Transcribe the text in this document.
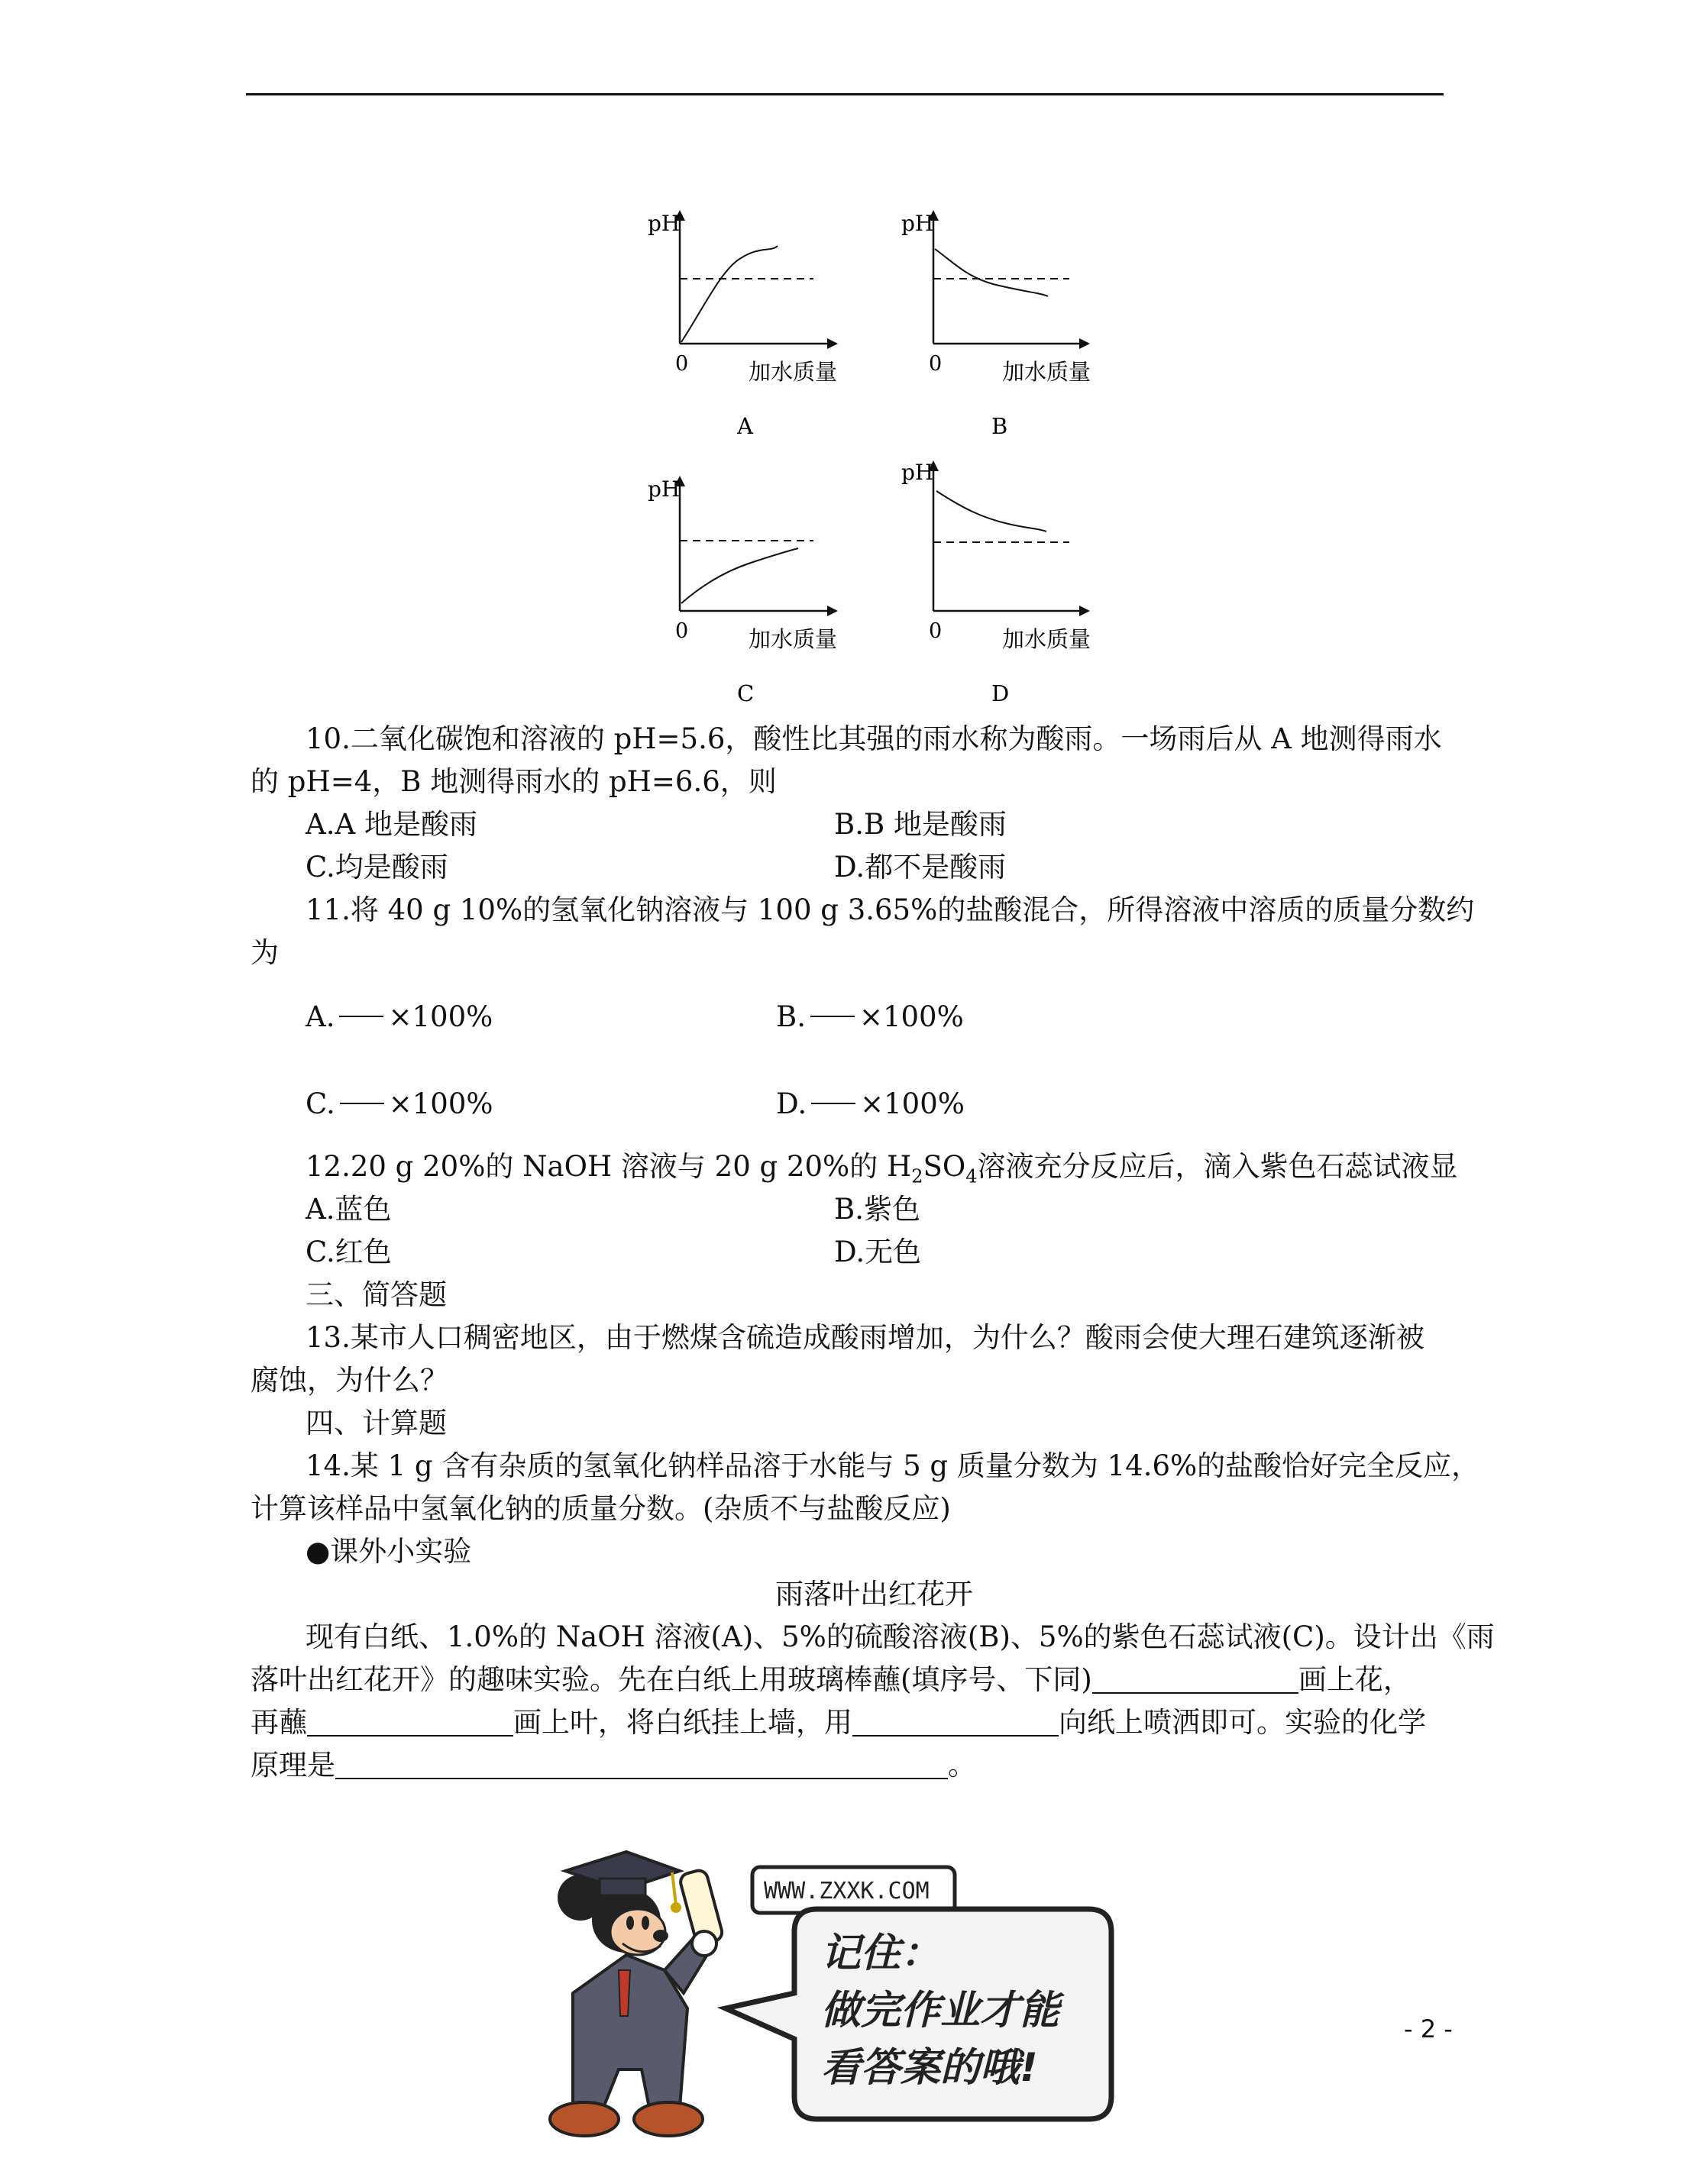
pH
0	加水质量
A
pH
0	加水质量
B
pH
0	加水质量
C
pH
0	加水质量
D
10.二氧化碳饱和溶液的 pH=5.6，酸性比其强的雨水称为酸雨。一场雨后从 A 地测得雨水
的 pH=4，B 地测得雨水的 pH=6.6，则
A.A 地是酸雨	B.B 地是酸雨
C.均是酸雨	D.都不是酸雨
11.将 40 g 10%的氢氧化钠溶液与 100 g 3.65%的盐酸混合，所得溶液中溶质的质量分数约
为
A. ×100%	B. ×100%
C. ×100%	D. ×100%
12.20 g 20%的 NaOH 溶液与 20 g 20%的 $H_2SO_4$溶液充分反应后，滴入紫色石蕊试液显
A.蓝色	B.紫色
C.红色	D.无色
三、简答题
13.某市人口稠密地区，由于燃煤含硫造成酸雨增加，为什么？酸雨会使大理石建筑逐渐被
腐蚀，为什么？
四、计算题
14.某 1 g 含有杂质的氢氧化钠样品溶于水能与 5 g 质量分数为 14.6%的盐酸恰好完全反应，
计算该样品中氢氧化钠的质量分数。(杂质不与盐酸反应)
●课外小实验
雨落叶出红花开
现有白纸、1.0%的 NaOH 溶液(A)、5%的硫酸溶液(B)、5%的紫色石蕊试液(C)。设计出《雨
落叶出红花开》的趣味实验。先在白纸上用玻璃棒蘸(填序号、下同)	画上花，
再蘸	画上叶，将白纸挂上墙，用	向纸上喷洒即可。实验的化学
原理是	。
WWW.ZXXK.COM
记住：
做完作业才能
看答案的哦!
- 2 -
